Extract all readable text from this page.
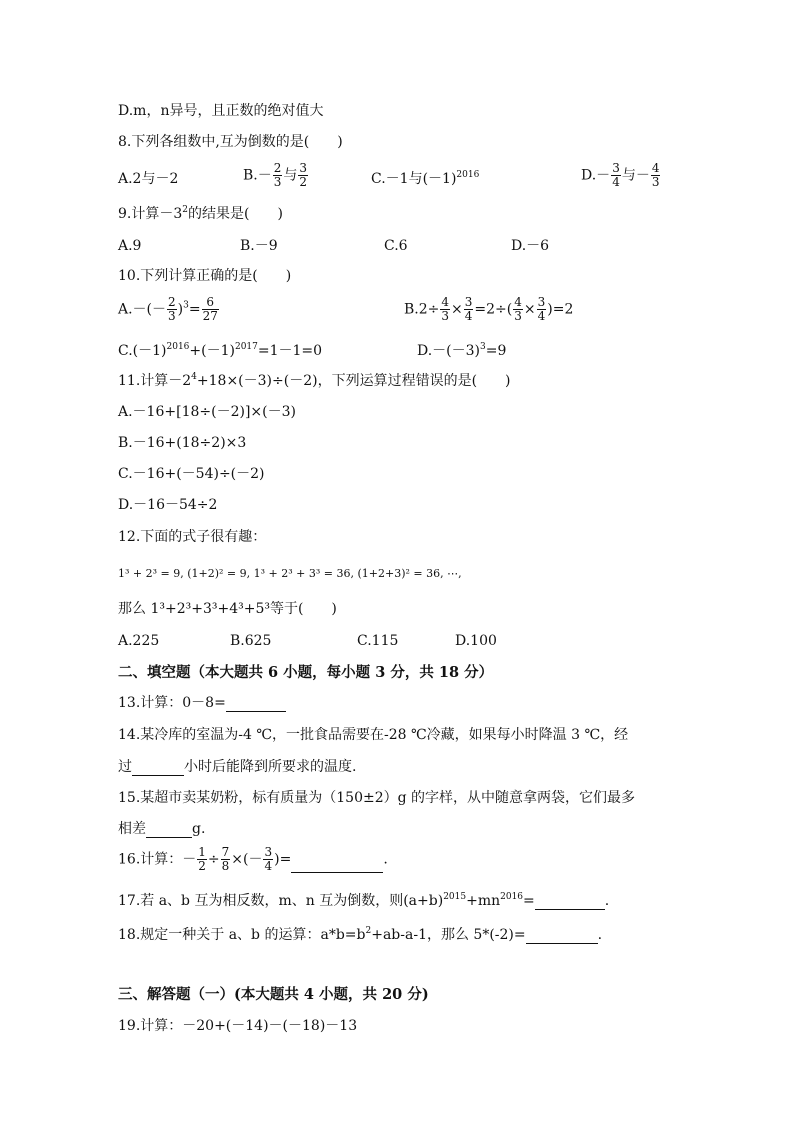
D.m，n异号，且正数的绝对值大
8.下列各组数中,互为倒数的是(　　)
A.2与－2	$B.- \frac{2}{3}$ 与 $\frac{3}{2}$	C.－1与$(-1)^{2016}$	$D.- \frac{3}{4}$ 与－ $\frac{4}{3}$
9.计算$-3^2$的结果是(　　)
A.9	B.－9	C.6	D.－6
10.下列计算正确的是(　　)
$A.-(- \frac{2}{3} )^3= \frac{6}{27}$	$B.2\div \frac{4}{3} \times \frac{3}{4} =2\div( \frac{4}{3} \times \frac{3}{4} )=2$
$C.(-1)^{2016}+(-1)^{2017}=1-1=0$	$D.-(-3)^3=9$
11.计算$-2^4+18\times(-3)\div(-2)$，下列运算过程错误的是(　　)
A.－16+[18÷(－2)]×(－3)
B.－16+(18÷2)×3
C.－16+(－54)÷(－2)
D.－16－54÷2
12.下面的式子很有趣：
1³ + 2³ = 9, (1+2)² = 9, 1³ + 2³ + 3³ = 36, (1+2+3)² = 36, ⋯,
那么 1³+2³+3³+4³+5³等于(　　)
A.225	B.625	C.115	D.100
二、填空题（本大题共 6 小题，每小题 3 分，共 18 分）
13.计算：0－8=
14.某冷库的室温为-4 ℃，一批食品需要在-28 ℃冷藏，如果每小时降温 3 ℃，经
过	小时后能降到所要求的温度.
15.某超市卖某奶粉，标有质量为（150±2）g 的字样，从中随意拿两袋，它们最多
相差	g.
16.计算：－ $\frac{1}{2} \div \frac{7}{8}$ ×(－ $\frac{3}{4}$ )=	.
17.若 a、b 互为相反数，m、n 互为倒数，则$(a+b)^{2015}+mn^{2016}=$	.
18.规定一种关于 a、b 的运算：$a*b=b^2+ab-a-1$，那么 5*(-2)=	.
三、解答题（一）(本大题共 4 小题，共 20 分)
19.计算：－20+(－14)－(－18)－13
